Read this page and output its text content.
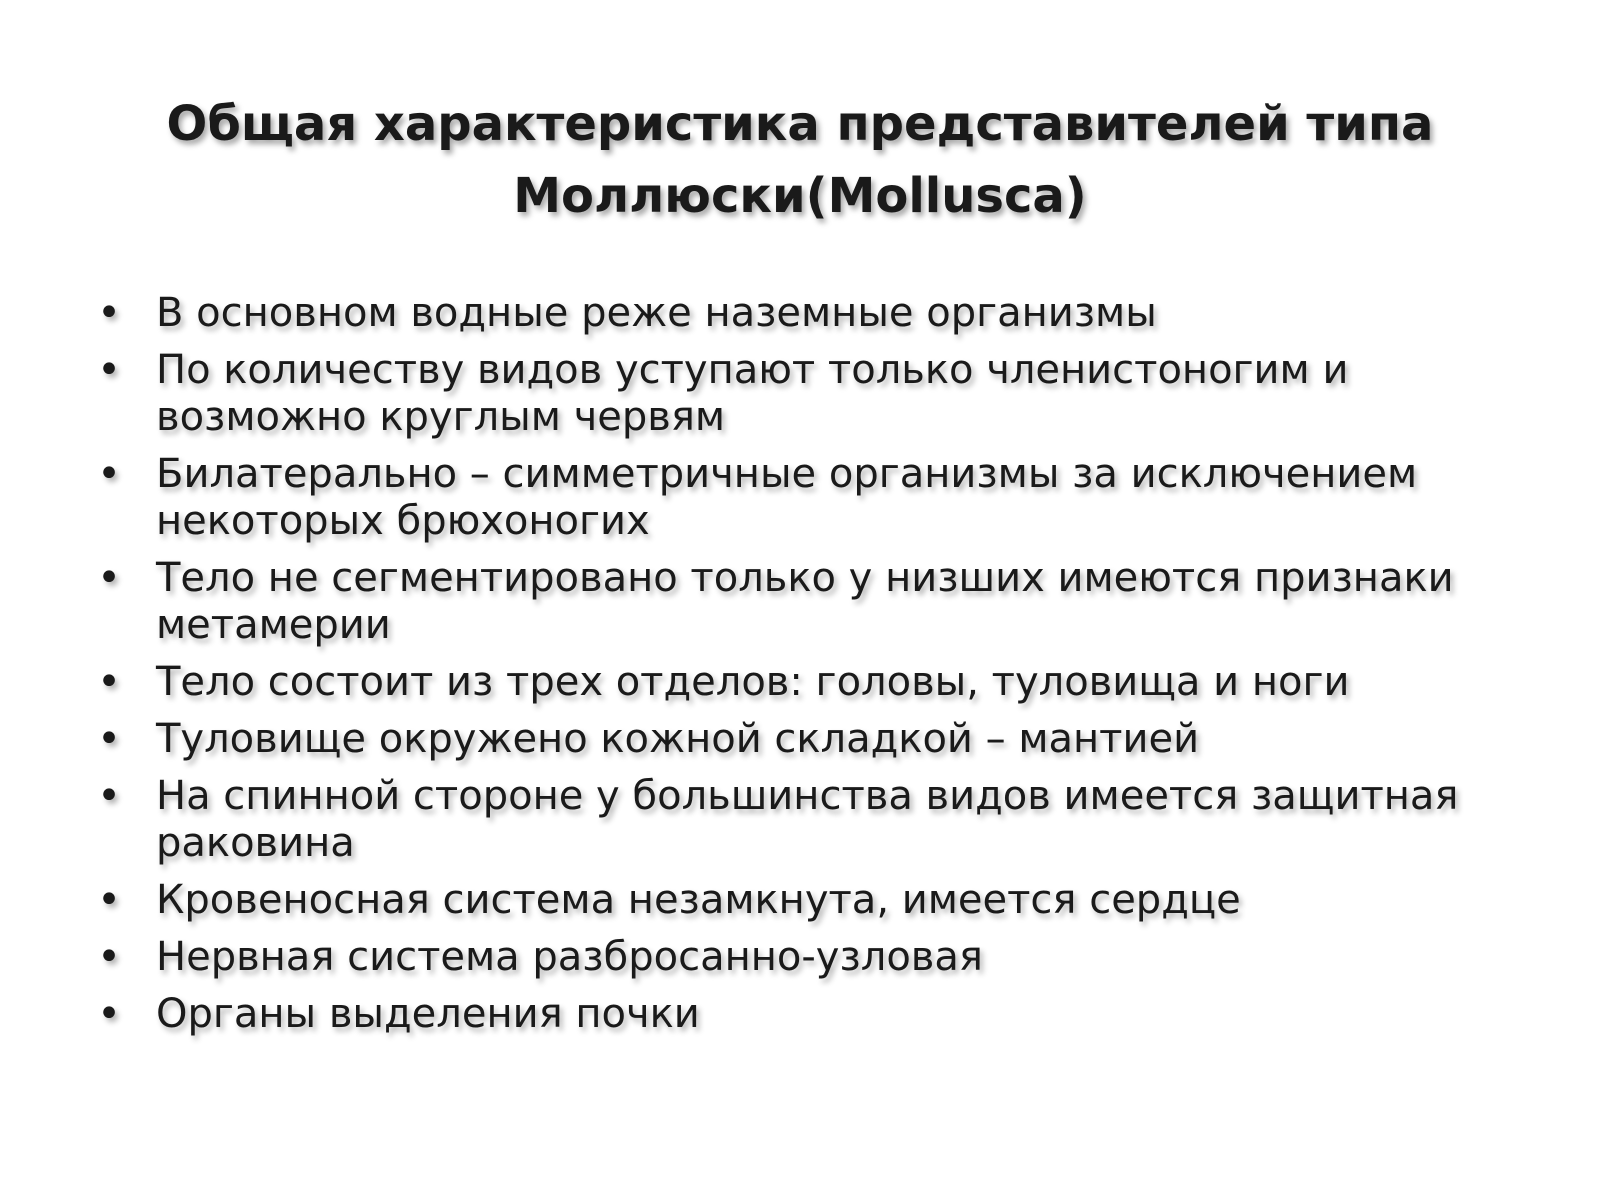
Общая характеристика представителей типа
Моллюски(Mollusca)
• В основном водные реже наземные организмы
• По количеству видов уступают только членистоногим и возможно круглым червям
• Билатерально – симметричные организмы за исключением некоторых брюхоногих
• Тело не сегментировано только у низших имеются признаки метамерии
• Тело состоит из трех отделов: головы, туловища и ноги
• Туловище окружено кожной складкой – мантией
• На спинной стороне у большинства видов имеется защитная раковина
• Кровеносная система незамкнута, имеется сердце
• Нервная система разбросанно-узловая
• Органы выделения почки
